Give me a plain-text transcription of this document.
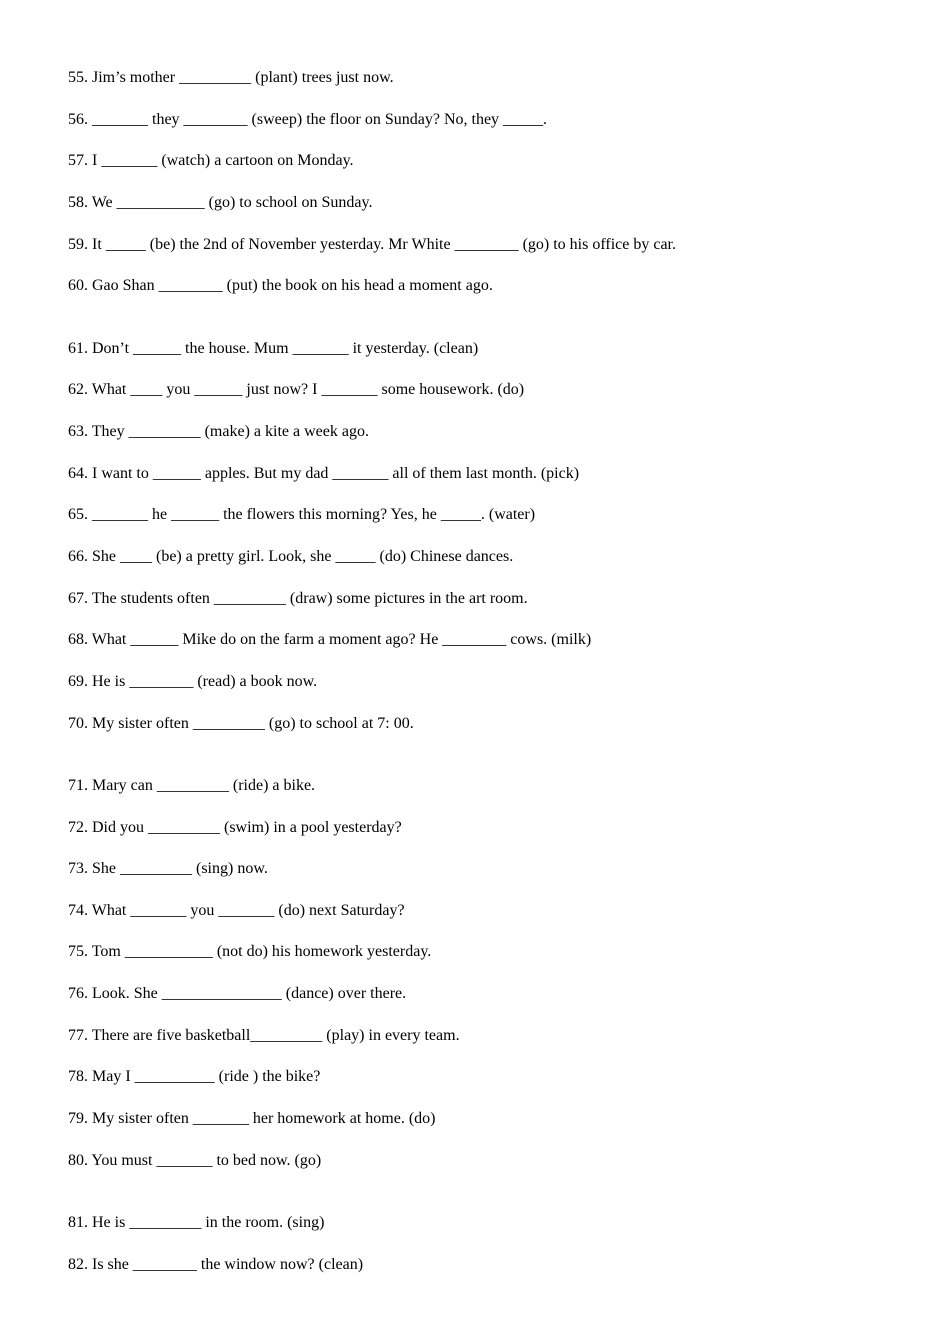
55. Jim’s mother _________ (plant) trees just now.
56. _______ they ________ (sweep) the floor on Sunday? No, they _____.
57. I _______ (watch) a cartoon on Monday.
58. We ___________ (go) to school on Sunday.
59. It _____ (be) the 2nd of November yesterday. Mr White ________ (go) to his office by car.
60. Gao Shan ________ (put) the book on his head a moment ago.
61. Don’t ______ the house. Mum _______ it yesterday. (clean)
62. What ____ you ______ just now? I _______ some housework. (do)
63. They _________ (make) a kite a week ago.
64. I want to ______ apples. But my dad _______ all of them last month. (pick)
65. _______ he ______ the flowers this morning? Yes, he _____. (water)
66. She ____ (be) a pretty girl. Look, she _____ (do) Chinese dances.
67. The students often _________ (draw) some pictures in the art room.
68. What ______ Mike do on the farm a moment ago? He ________ cows. (milk)
69. He is ________ (read) a book now.
70. My sister often _________ (go) to school at 7: 00.
71. Mary can _________ (ride) a bike.
72. Did you _________ (swim) in a pool yesterday?
73. She _________ (sing) now.
74. What _______ you _______ (do) next Saturday?
75. Tom ___________ (not do) his homework yesterday.
76. Look. She _______________ (dance) over there.
77. There are five basketball_________ (play) in every team.
78. May I __________ (ride ) the bike?
79. My sister often _______ her homework at home. (do)
80. You must _______ to bed now. (go)
81. He is _________ in the room. (sing)
82. Is she ________ the window now? (clean)
